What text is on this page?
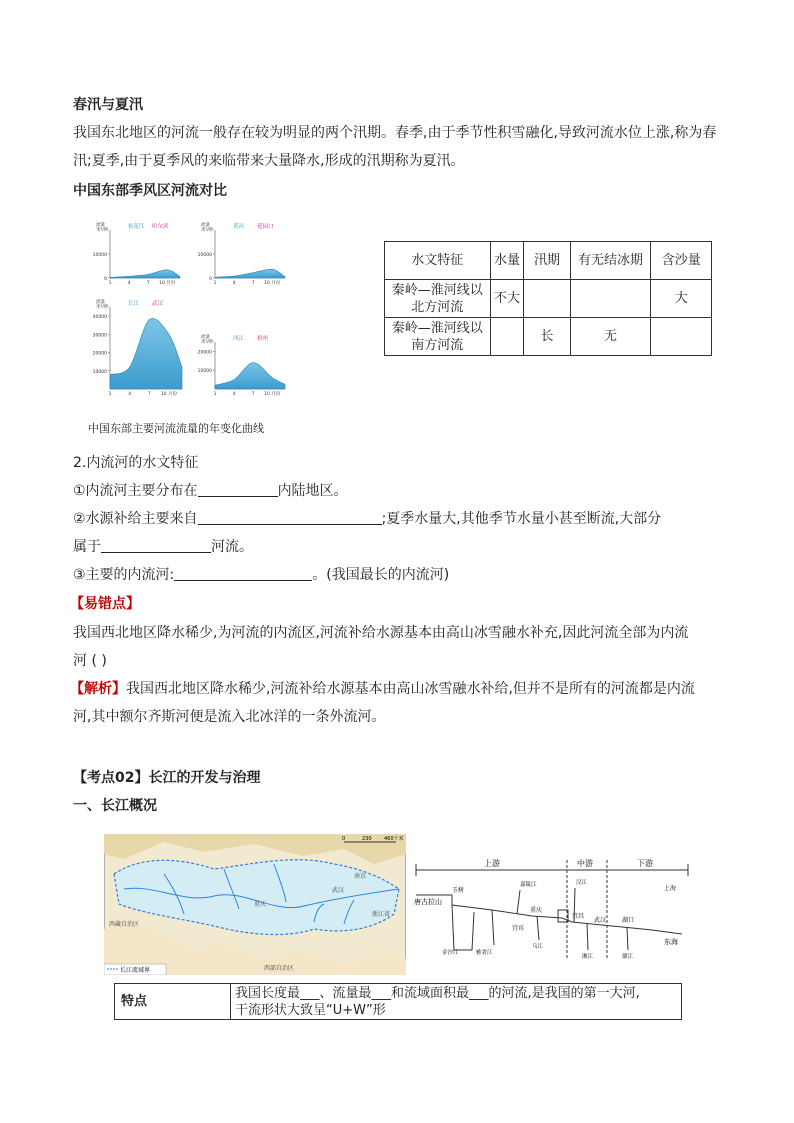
春汛与夏汛
我国东北地区的河流一般存在较为明显的两个汛期。春季,由于季节性积雪融化,导致河流水位上涨,称为春
汛;夏季,由于夏季风的来临带来大量降水,形成的汛期称为夏汛。
中国东部季风区河流对比
0
10000
流量
米³/秒
1	4	7 10 月份
松花江 哈尔滨
0
10000
流量
米³/秒
1	4	7 10 月份
黄河 花园口
10000
20000
30000
40000
流量
米³/秒
1	4	7 10 月份
长江 武汉
10000
20000
流量
米³/秒
1	4	7 10 月份
西江 梧州
中国东部主要河流流量的年变化曲线
水文特征	水量	汛期	有无结冰期	含沙量
秦岭—淮河线以北方河流	不大			大
秦岭—淮河线以南方河流		长	无	
2.内流河的水文特征
①内流河主要分布在	内陆地区。
②水源补给主要来自	;夏季水量大,其他季节水量小甚至断流,大部分
属于	河流。
③主要的内流河:	。(我国最长的内流河)
【易错点】
我国西北地区降水稀少,为河流的内流区,河流补给水源基本由高山冰雪融水补充,因此河流全部为内流
河 ( )
【解析】我国西北地区降水稀少,河流补给水源基本由高山冰雪融水补给,但并不是所有的河流都是内流
河,其中额尔齐斯河便是流入北冰洋的一条外流河。
【考点02】长江的开发与治理
一、长江概况
西藏自治区
南京
武汉
重庆
浙江省
西部自治区
0	230 460千米
长江流域界
上游	中游	下游
唐古拉山
东海
玉树
宜宾
重庆
宜昌
武汉	湖口
上海
金沙江	雅砻江
嘉陵江
乌江
汉江
湘江	赣江
特点	
我国长度最___、流量最___和流域面积最___的河流,是我国的第一大河,
干流形状大致呈“U+W”形
